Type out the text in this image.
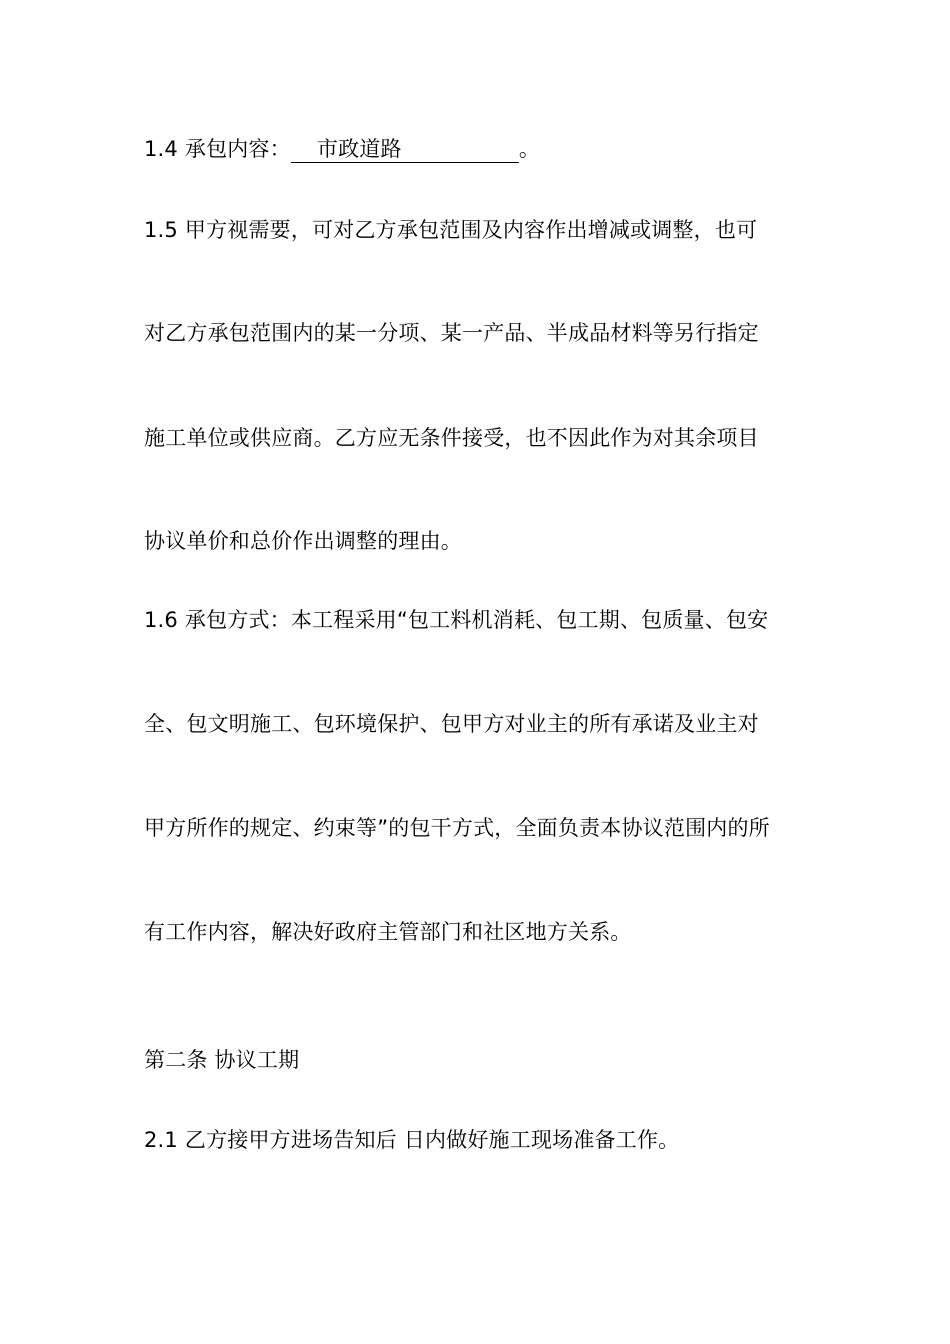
1.4 承包内容： 市政道路	。
1.5 甲方视需要，可对乙方承包范围及内容作出增减或调整，也可
对乙方承包范围内的某一分项、某一产品、半成品材料等另行指定
施工单位或供应商。乙方应无条件接受，也不因此作为对其余项目
协议单价和总价作出调整的理由。
1.6 承包方式：本工程采用“包工料机消耗、包工期、包质量、包安
全、包文明施工、包环境保护、包甲方对业主的所有承诺及业主对
甲方所作的规定、约束等”的包干方式，全面负责本协议范围内的所
有工作内容，解决好政府主管部门和社区地方关系。
第二条 协议工期
2.1 乙方接甲方进场告知后 日内做好施工现场准备工作。
